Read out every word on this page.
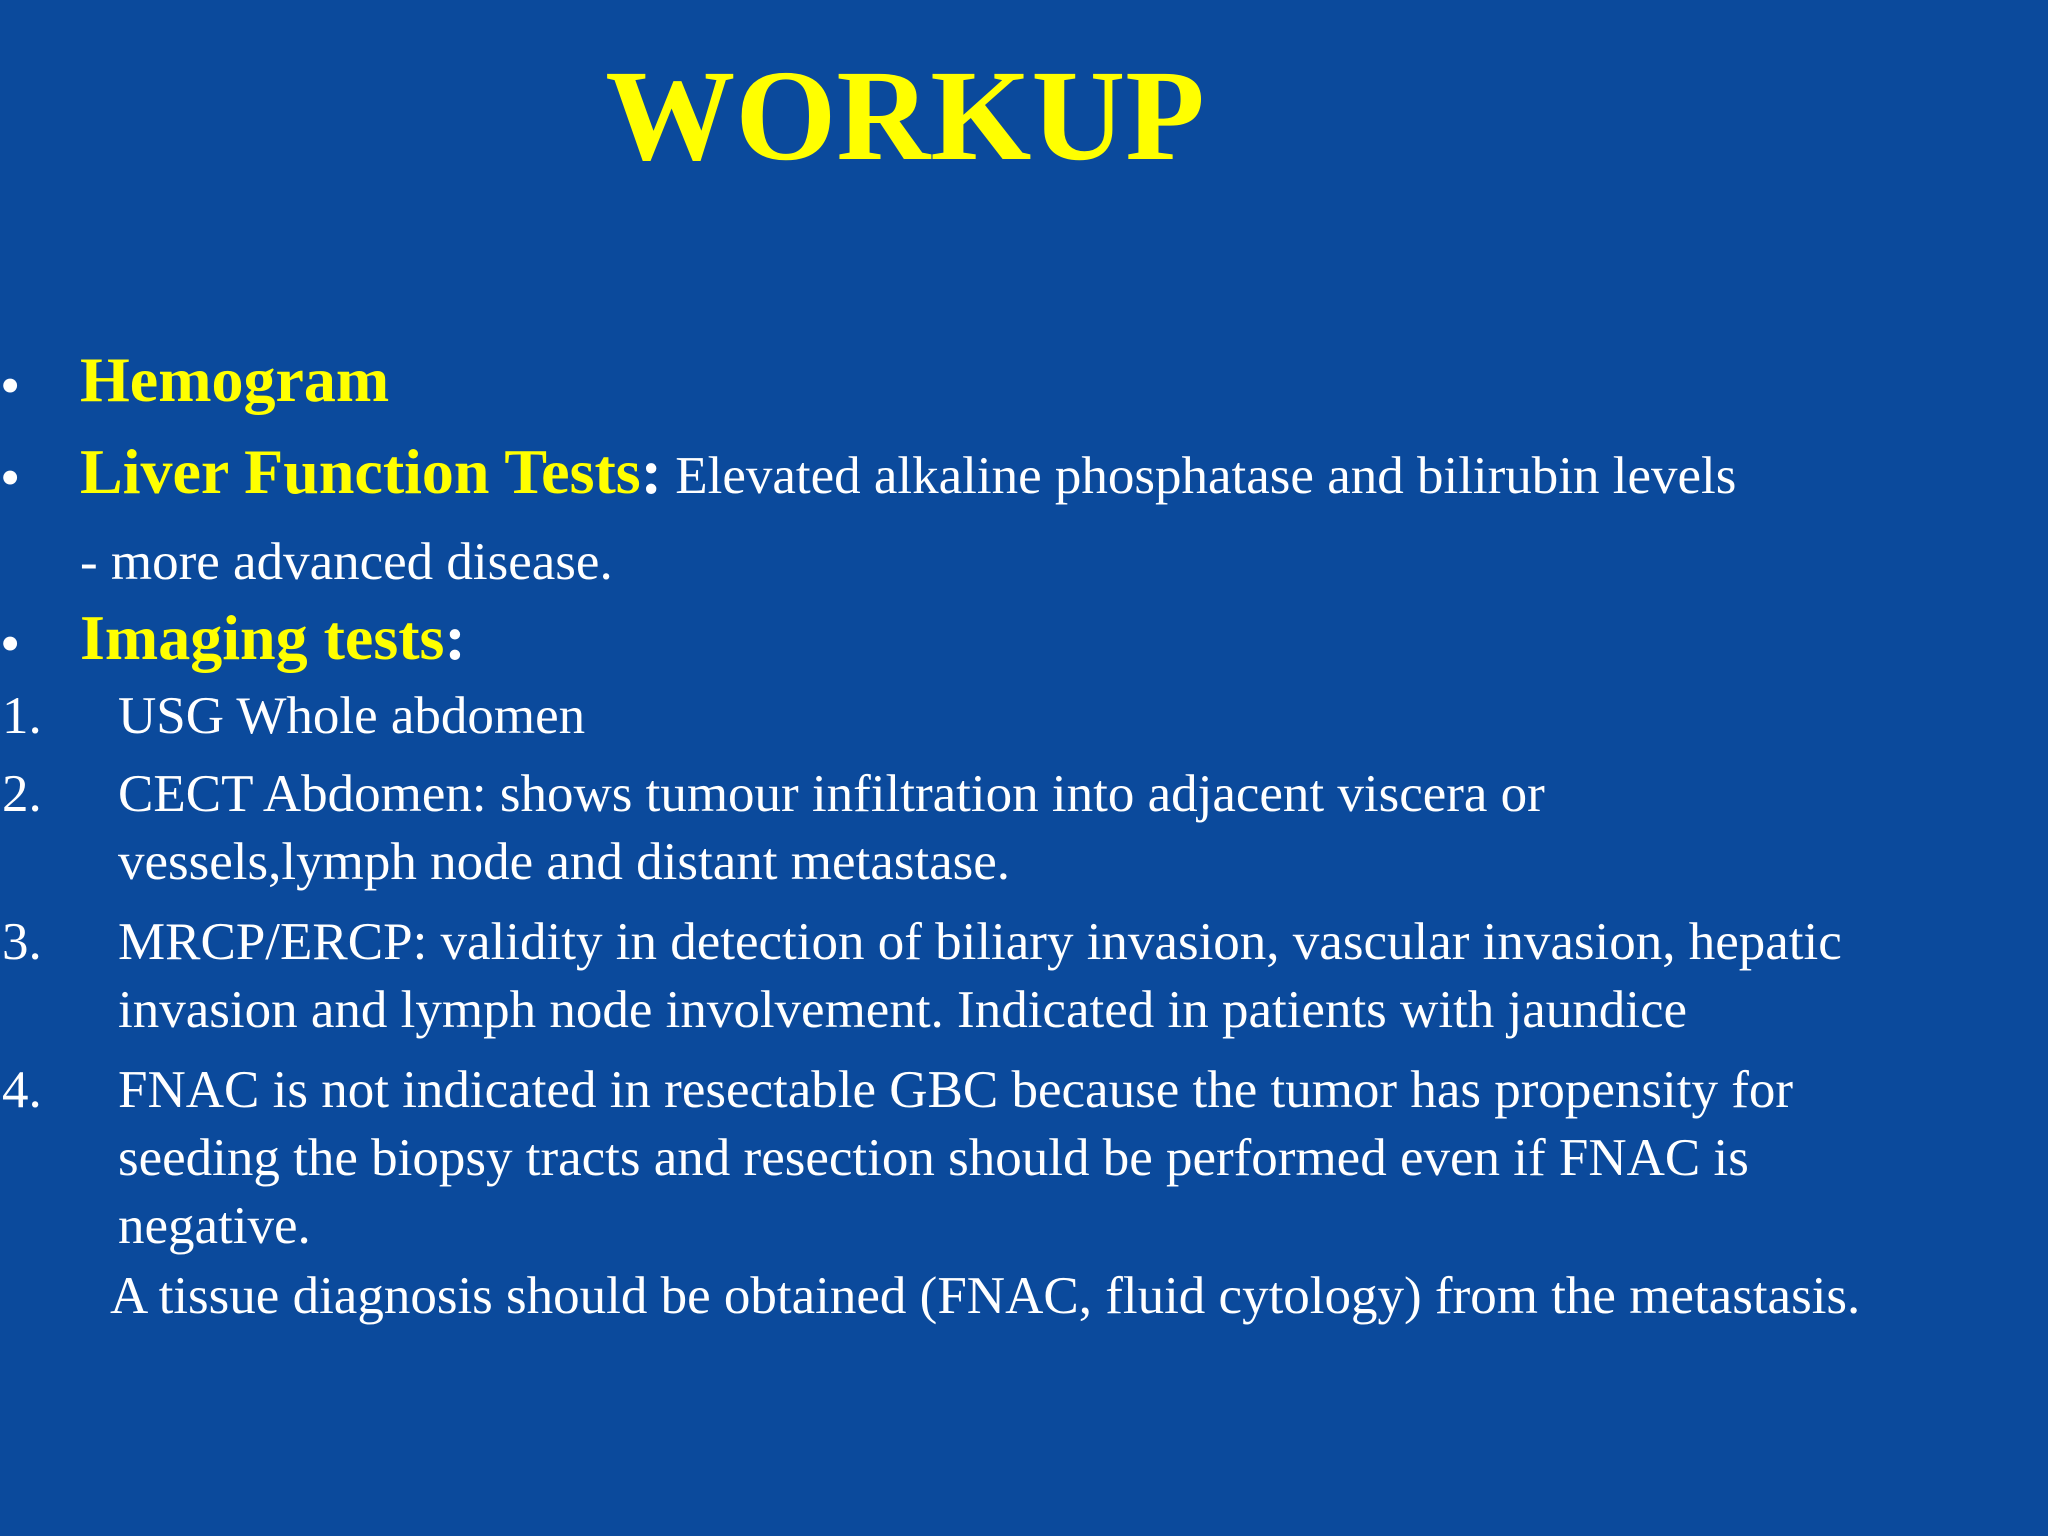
WORKUP
• Hemogram
• Liver Function Tests: Elevated alkaline phosphatase and bilirubin levels
- more advanced disease.
• Imaging tests:
1. USG Whole abdomen
2. CECT Abdomen: shows tumour infiltration into adjacent viscera or
vessels,lymph node and distant metastase.
3. MRCP/ERCP: validity in detection of biliary invasion, vascular invasion, hepatic
invasion and lymph node involvement. Indicated in patients with jaundice
4. FNAC is not indicated in resectable GBC because the tumor has propensity for
seeding the biopsy tracts and resection should be performed even if FNAC is
negative.
A tissue diagnosis should be obtained (FNAC, fluid cytology) from the metastasis.
